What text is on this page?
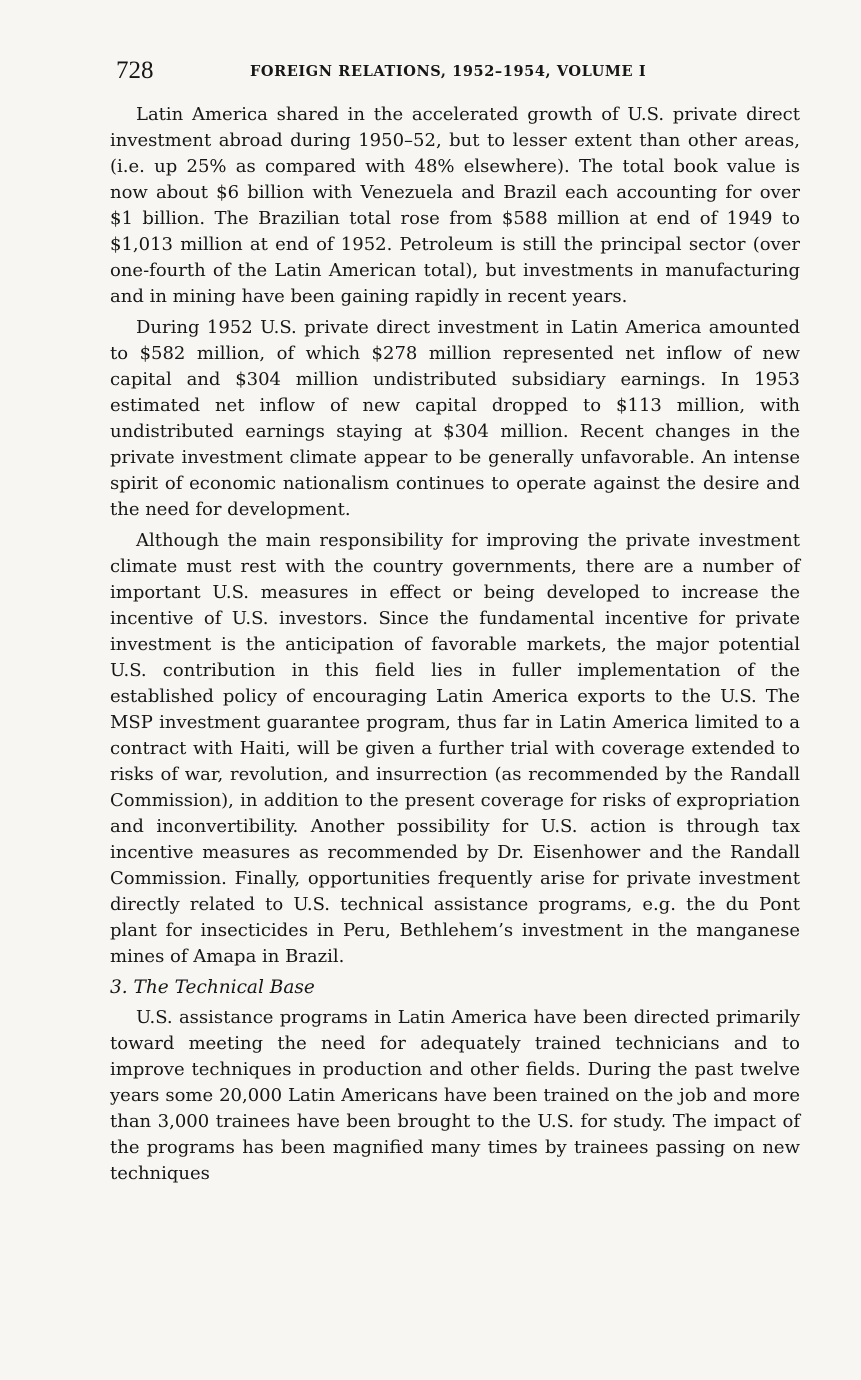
728	FOREIGN RELATIONS, 1952–1954, VOLUME I

Latin America shared in the accelerated growth of U.S. private direct investment abroad during 1950–52, but to lesser extent than other areas, (i.e. up 25% as compared with 48% elsewhere). The total book value is now about $6 billion with Venezuela and Brazil each accounting for over $1 billion. The Brazilian total rose from $588 million at end of 1949 to $1,013 million at end of 1952. Petroleum is still the principal sector (over one-fourth of the Latin American total), but investments in manufacturing and in mining have been gaining rapidly in recent years.

During 1952 U.S. private direct investment in Latin America amounted to $582 million, of which $278 million represented net inflow of new capital and $304 million undistributed subsidiary earnings. In 1953 estimated net inflow of new capital dropped to $113 million, with undistributed earnings staying at $304 million. Recent changes in the private investment climate appear to be generally unfavorable. An intense spirit of economic nationalism continues to operate against the desire and the need for development.

Although the main responsibility for improving the private investment climate must rest with the country governments, there are a number of important U.S. measures in effect or being developed to increase the incentive of U.S. investors. Since the fundamental incentive for private investment is the anticipation of favorable markets, the major potential U.S. contribution in this field lies in fuller implementation of the established policy of encouraging Latin America exports to the U.S. The MSP investment guarantee program, thus far in Latin America limited to a contract with Haiti, will be given a further trial with coverage extended to risks of war, revolution, and insurrection (as recommended by the Randall Commission), in addition to the present coverage for risks of expropriation and inconvertibility. Another possibility for U.S. action is through tax incentive measures as recommended by Dr. Eisenhower and the Randall Commission. Finally, opportunities frequently arise for private investment directly related to U.S. technical assistance programs, e.g. the du Pont plant for insecticides in Peru, Bethlehem’s investment in the manganese mines of Amapa in Brazil.

3. The Technical Base

U.S. assistance programs in Latin America have been directed primarily toward meeting the need for adequately trained technicians and to improve techniques in production and other fields. During the past twelve years some 20,000 Latin Americans have been trained on the job and more than 3,000 trainees have been brought to the U.S. for study. The impact of the programs has been magnified many times by trainees passing on new techniques
